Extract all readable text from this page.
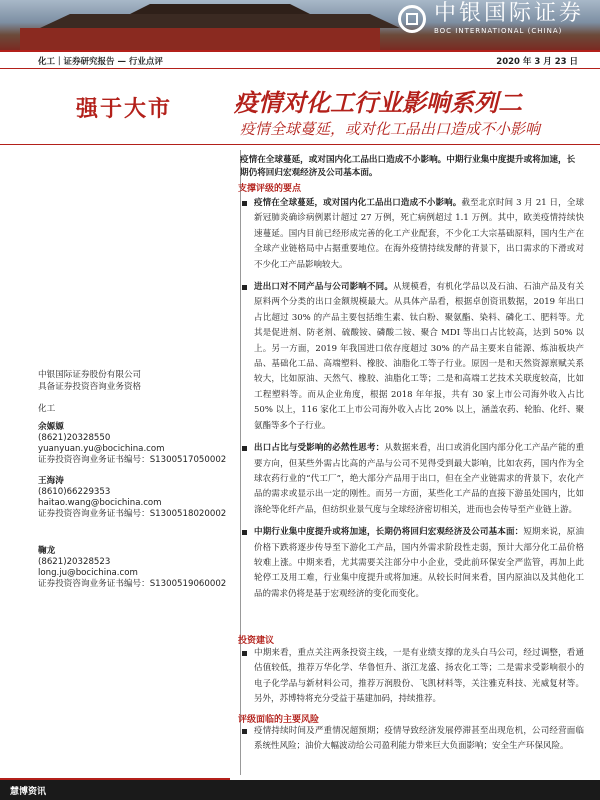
中银国际证券
BOC INTERNATIONAL (CHINA)
化工｜证券研究报告 — 行业点评	2020 年 3 月 23 日
强于大市	疫情对化工行业影响系列二
疫情全球蔓延，或对化工品出口造成不小影响
疫情在全球蔓延，或对国内化工品出口造成不小影响。中期行业集中度提升或将加速，长期仍将回归宏观经济及公司基本面。
支撑评级的要点

疫情在全球蔓延，或对国内化工品出口造成不小影响。截至北京时间 3 月 21 日，全球新冠肺炎确诊病例累计超过 27 万例，死亡病例超过 1.1 万例。其中，欧美疫情持续快速蔓延。国内目前已经形成完善的化工产业配套，不少化工大宗基础原料，国内生产在全球产业链格局中占据重要地位。在海外疫情持续发酵的背景下，出口需求的下滑或对不少化工产品影响较大。

进出口对不同产品与公司影响不同。从规模看，有机化学品以及石油、石油产品及有关原料两个分类的出口金额规模最大。从具体产品看，根据卓创资讯数据，2019 年出口占比超过 30% 的产品主要包括维生素、钛白粉、聚氨酯、染料、磷化工、肥料等。尤其是促进剂、防老剂、硫酸铵、磷酸二铵、聚合 MDI 等出口占比较高，达到 50% 以上。另一方面，2019 年我国进口依存度超过 30% 的产品主要来自能源、炼油板块产品、基础化工品、高端塑料、橡胶、油脂化工等子行业。原因一是和天然资源禀赋关系较大，比如原油、天然气、橡胶、油脂化工等；二是和高端工艺技术关联度较高，比如工程塑料等。而从企业角度，根据 2018 年年报，共有 30 家上市公司海外收入占比 50% 以上，116 家化工上市公司海外收入占比 20% 以上，涵盖农药、轮胎、化纤、聚氨酯等多个子行业。

出口占比与受影响的必然性思考：从数据来看，出口或消化国内部分化工产品产能的重要方向，但某些外需占比高的产品与公司不见得受到最大影响，比如农药，国内作为全球农药行业的“代工厂”，绝大部分产品用于出口，但在全产业链需求的背景下，农化产品的需求或显示出一定的刚性。而另一方面，某些化工产品的直接下游虽处国内，比如涤纶等化纤产品，但纺织业景气度与全球经济密切相关，进而也会传导至产业链上游。

中期行业集中度提升或将加速，长期仍将回归宏观经济及公司基本面：短期来说，原油价格下跌将逐步传导至下游化工产品，国内外需求阶段性走弱，预计大部分化工品价格较难上涨。中期来看，尤其需要关注部分中小企业，受此前环保安全严监管，再加上此轮停工及用工难，行业集中度提升或将加速。从较长时间来看，国内原油以及其他化工品的需求仍将是基于宏观经济的变化而变化。

投资建议

中期来看，重点关注两条投资主线，一是有业绩支撑的龙头白马公司，经过调整，看通估值较低，推荐万华化学、华鲁恒升、浙江龙盛、扬农化工等；二是需求受影响很小的电子化学品与新材料公司，推荐万润股份、飞凯材料等，关注雅克科技、光威复材等。另外，苏博特将充分受益于基建加码，持续推荐。

评级面临的主要风险

疫情持续时间及严重情况超预期；疫情导致经济发展停滞甚至出现危机，公司经营面临系统性风险；油价大幅波动给公司盈利能力带来巨大负面影响；安全生产环保风险。

中银国际证券股份有限公司
具备证券投资咨询业务资格
化工
余嫄嫄
(8621)20328550
yuanyuan.yu@bocichina.com
证券投资咨询业务证书编号：S1300517050002
王海涛
(8610)66229353
haitao.wang@bocichina.com
证券投资咨询业务证书编号：S1300518020002
鞠龙
(8621)20328523
long.ju@bocichina.com
证券投资咨询业务证书编号：S1300519060002
慧博资讯
